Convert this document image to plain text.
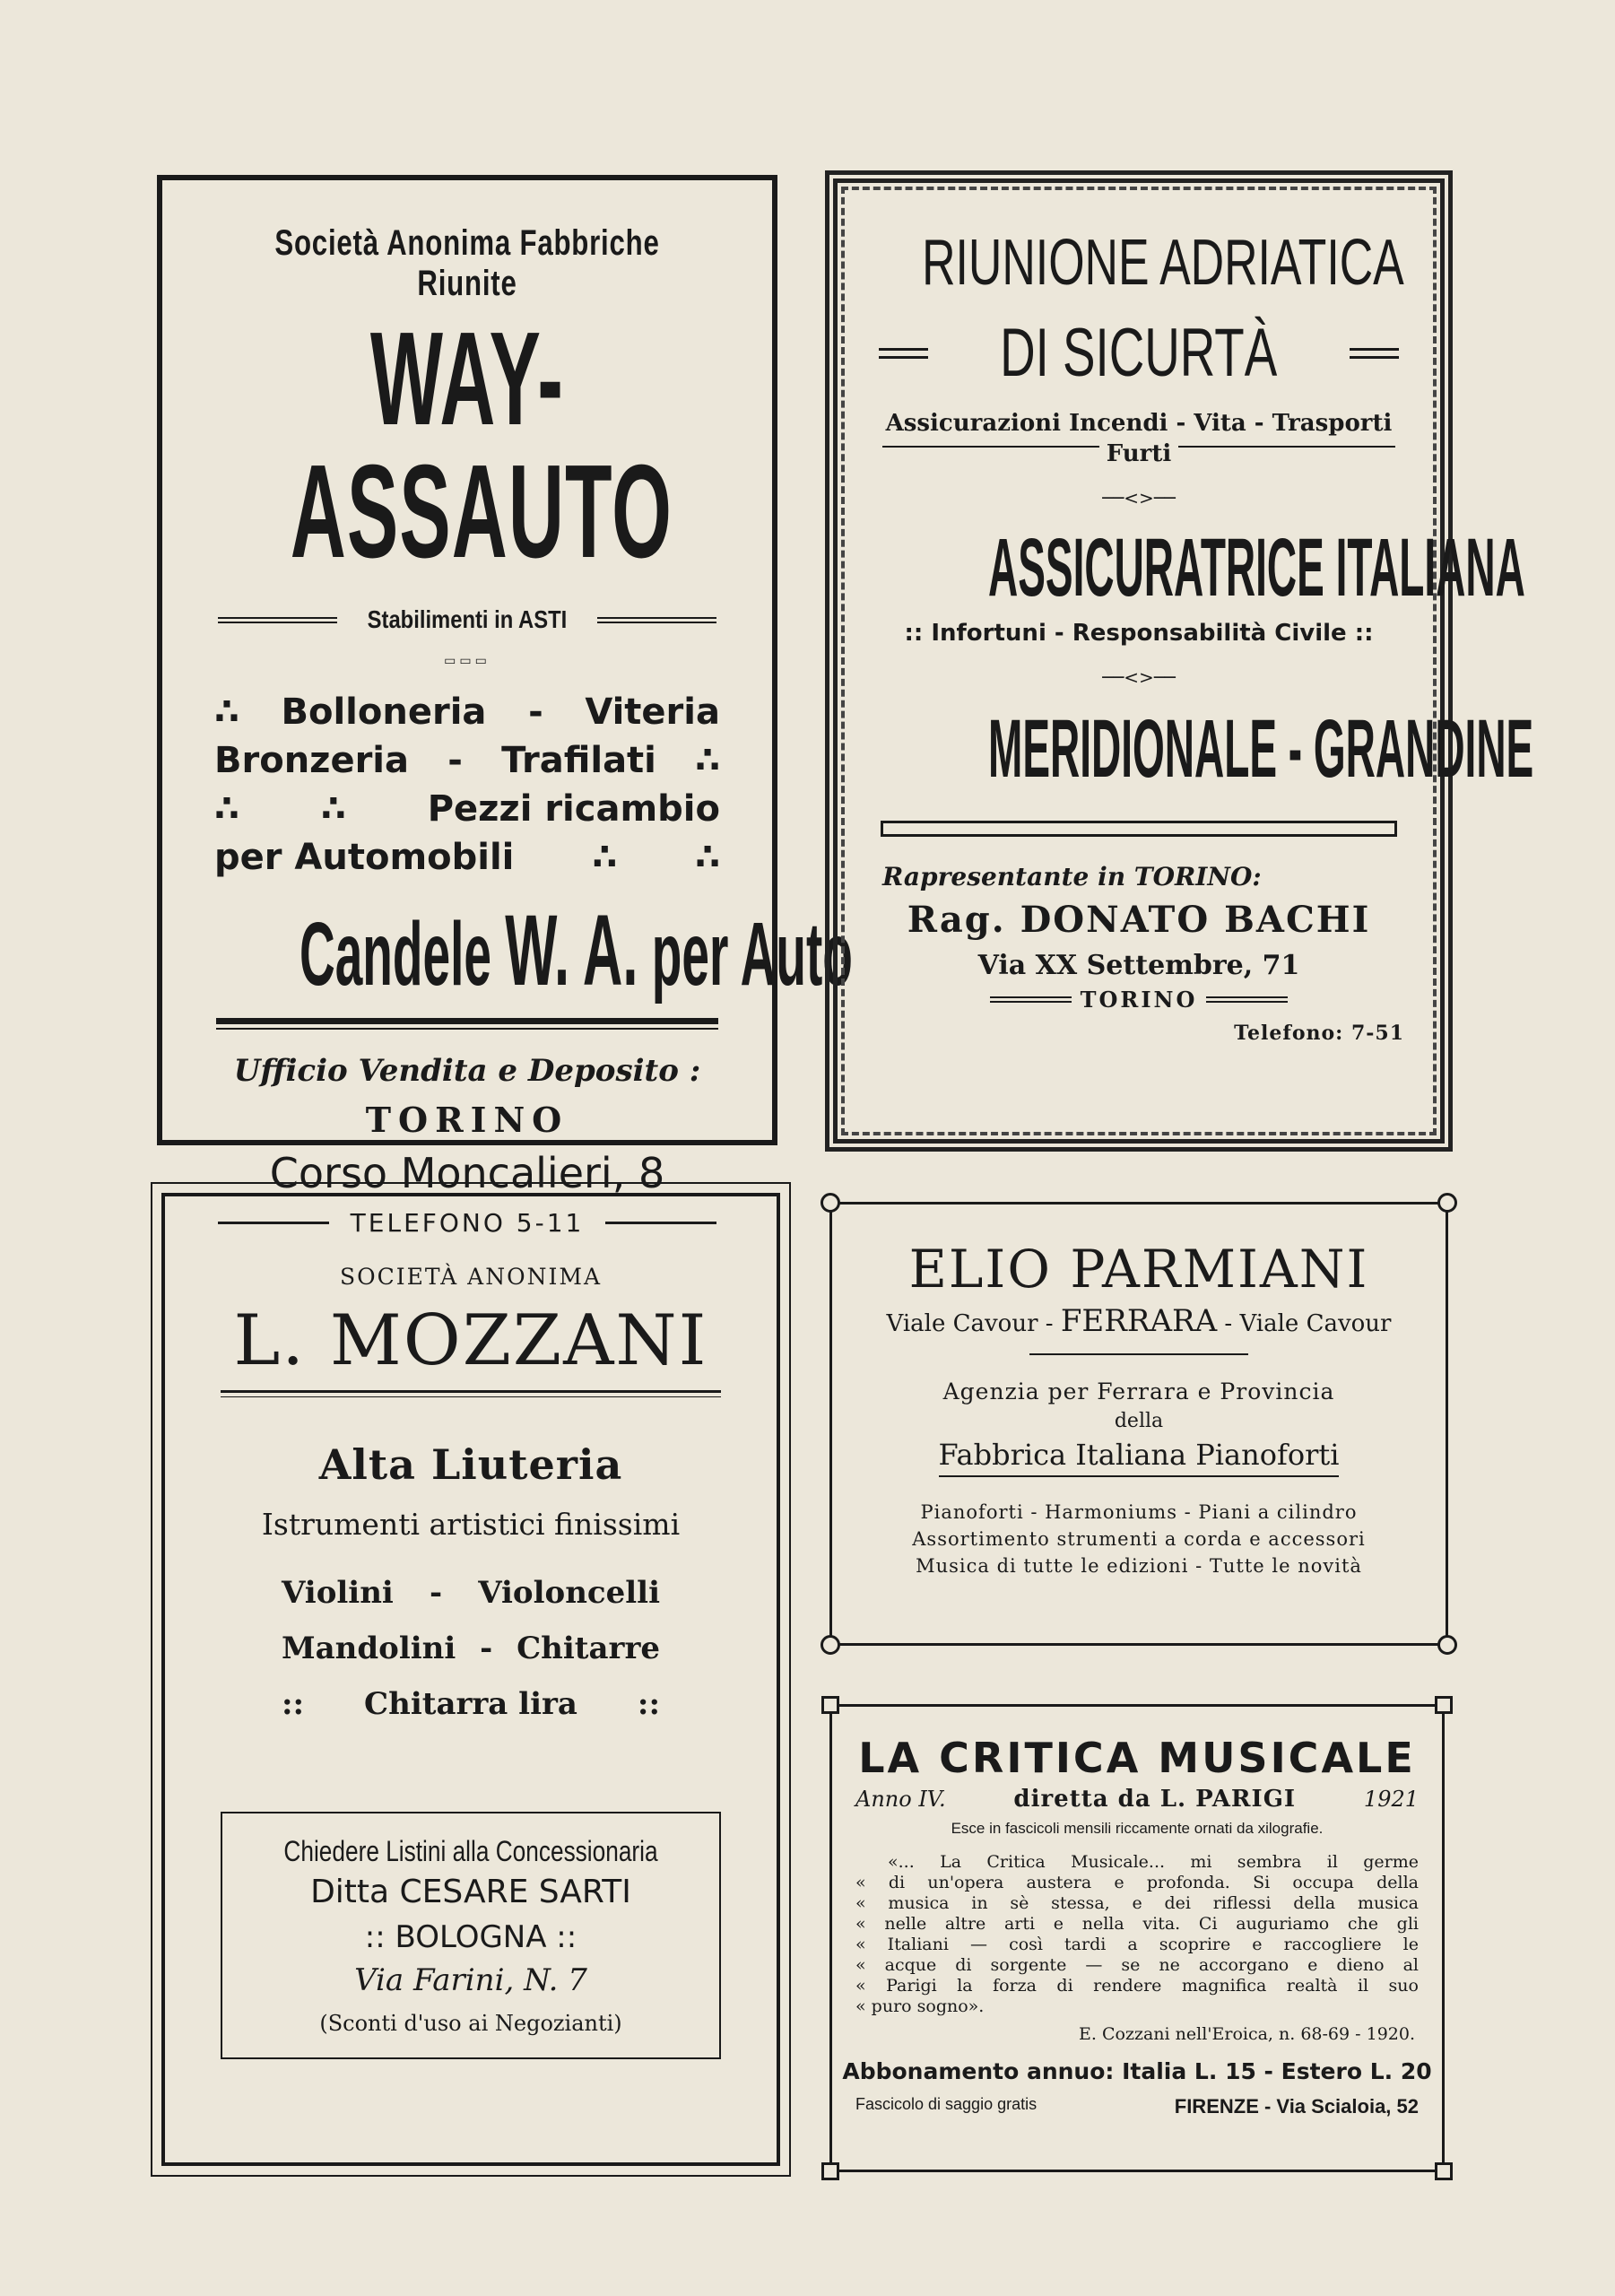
Società Anonima Fabbriche Riunite
WAY-ASSAUTO
Stabilimenti in ASTI
▭▭▭
∴ Bolloneria - Viteria
Bronzeria - Trafilati ∴
∴ ∴ Pezzi ricambio
per Automobili ∴ ∴
Candele W. A. per Auto
Ufficio Vendita e Deposito :
TORINO
Corso Moncalieri, 8
TELEFONO 5-11
RIUNIONE ADRIATICA
DI SICURTÀ
Assicurazioni Incendi - Vita - Trasporti
Furti
──<>──
ASSICURATRICE ITALIANA
:: Infortuni - Responsabilità Civile ::
──<>──
MERIDIONALE - GRANDINE
Rapresentante in TORINO:
Rag. DONATO BACHI
Via XX Settembre, 71
TORINO
Telefono: 7-51
SOCIETÀ ANONIMA
L. MOZZANI
Alta Liuteria
Istrumenti artistici finissimi
Violini - Violoncelli
Mandolini - Chitarre
:: Chitarra lira ::
Chiedere Listini alla Concessionaria
Ditta CESARE SARTI
:: BOLOGNA ::
Via Farini, N. 7
(Sconti d'uso ai Negozianti)
ELIO PARMIANI
Viale Cavour - FERRARA - Viale Cavour
Agenzia per Ferrara e Provincia
della
Fabbrica Italiana Pianoforti
Pianoforti - Harmoniums - Piani a cilindro
Assortimento strumenti a corda e accessori
Musica di tutte le edizioni - Tutte le novità
LA CRITICA MUSICALE
Anno IV.	diretta da L. PARIGI	1921
Esce in fascicoli mensili riccamente ornati da xilografie.
«... La Critica Musicale... mi sembra il germe
« di un'opera austera e profonda. Si occupa della
« musica in sè stessa, e dei riflessi della musica
« nelle altre arti e nella vita. Ci auguriamo che gli
« Italiani — così tardi a scoprire e raccogliere le
« acque di sorgente — se ne accorgano e dieno al
« Parigi la forza di rendere magnifica realtà il suo
« puro sogno».
E. Cozzani nell'Eroica, n. 68-69 - 1920.
Abbonamento annuo: Italia L. 15 - Estero L. 20
Fascicolo di saggio gratis	FIRENZE - Via Scialoia, 52
